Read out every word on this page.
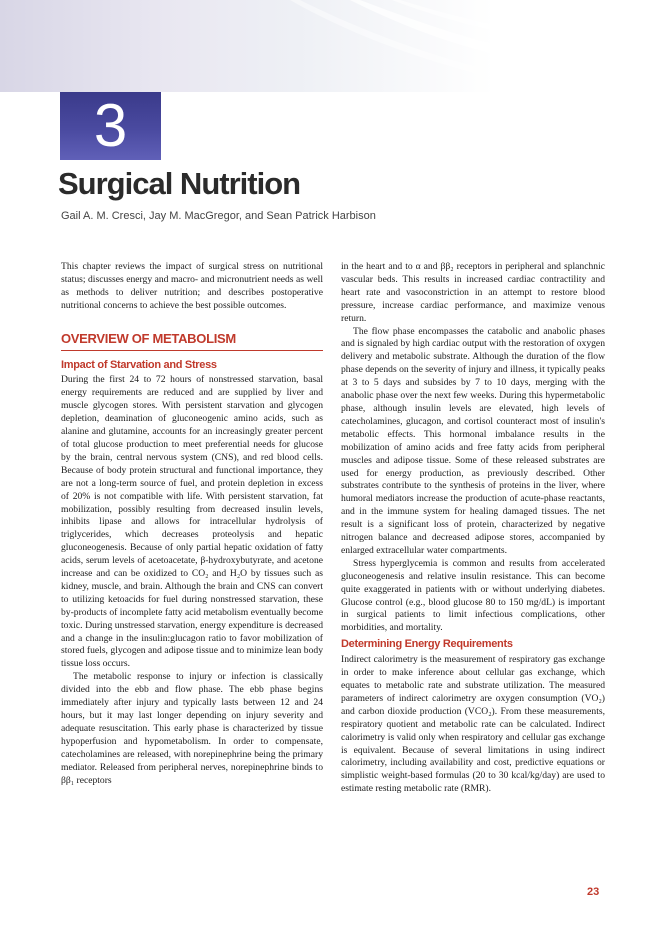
3
Surgical Nutrition
Gail A. M. Cresci, Jay M. MacGregor, and Sean Patrick Harbison

This chapter reviews the impact of surgical stress on nutritional status; discusses energy and macro- and micronutrient needs as well as methods to deliver nutrition; and describes postoperative nutritional concerns to achieve the best possible outcomes.

OVERVIEW OF METABOLISM
Impact of Starvation and Stress

During the first 24 to 72 hours of nonstressed starvation, basal energy requirements are reduced and are supplied by liver and muscle glycogen stores. With persistent starvation and glycogen depletion, deamination of gluconeogenic amino acids, such as alanine and glutamine, accounts for an increasingly greater percent of total glucose production to meet preferential needs for glucose by the brain, central nervous system (CNS), and red blood cells. Because of body protein structural and functional importance, they are not a long-term source of fuel, and protein depletion in excess of 20% is not compatible with life. With persistent starvation, fat mobilization, possibly resulting from decreased insulin levels, inhibits lipase and allows for intracellular hydrolysis of triglycerides, which decreases proteolysis and hepatic gluconeogenesis. Because of only partial hepatic oxidation of fatty acids, serum levels of acetoacetate, β-hydroxybutyrate, and acetone increase and can be oxidized to CO₂ and H₂O by tissues such as kidney, muscle, and brain. Although the brain and CNS can convert to utilizing ketoacids for fuel during nonstressed starvation, these by-products of incomplete fatty acid metabolism eventually become toxic. During unstressed starvation, energy expenditure is decreased and a change in the insulin:glucagon ratio to favor mobilization of stored fuels, glycogen and adipose tissue and to minimize lean body tissue loss occurs.

The metabolic response to injury or infection is classically divided into the ebb and flow phase. The ebb phase begins immediately after injury and typically lasts between 12 and 24 hours, but it may last longer depending on injury severity and adequate resuscitation. This early phase is characterized by tissue hypoperfusion and hypometabolism. In order to compensate, catecholamines are released, with norepinephrine being the primary mediator. Released from peripheral nerves, norepinephrine binds to ββ₁ receptors

in the heart and to α and ββ₂ receptors in peripheral and splanchnic vascular beds. This results in increased cardiac contractility and heart rate and vasoconstriction in an attempt to restore blood pressure, increase cardiac performance, and maximize venous return.

The flow phase encompasses the catabolic and anabolic phases and is signaled by high cardiac output with the restoration of oxygen delivery and metabolic substrate. Although the duration of the flow phase depends on the severity of injury and illness, it typically peaks at 3 to 5 days and subsides by 7 to 10 days, merging with the anabolic phase over the next few weeks. During this hypermetabolic phase, although insulin levels are elevated, high levels of catecholamines, glucagon, and cortisol counteract most of insulin's metabolic effects. This hormonal imbalance results in the mobilization of amino acids and free fatty acids from peripheral muscles and adipose tissue. Some of these released substrates are used for energy production, as previously described. Other substrates contribute to the synthesis of proteins in the liver, where humoral mediators increase the production of acute-phase reactants, and in the immune system for healing damaged tissues. The net result is a significant loss of protein, characterized by negative nitrogen balance and decreased adipose stores, accompanied by enlarged extracellular water compartments.

Stress hyperglycemia is common and results from accelerated gluconeogenesis and relative insulin resistance. This can become quite exaggerated in patients with or without underlying diabetes. Glucose control (e.g., blood glucose 80 to 150 mg/dL) is important in surgical patients to limit infectious complications, other morbidities, and mortality.

Determining Energy Requirements

Indirect calorimetry is the measurement of respiratory gas exchange in order to make inference about cellular gas exchange, which equates to metabolic rate and substrate utilization. The measured parameters of indirect calorimetry are oxygen consumption (VO₂) and carbon dioxide production (VCO₂). From these measurements, respiratory quotient and metabolic rate can be calculated. Indirect calorimetry is valid only when respiratory and cellular gas exchange is equivalent. Because of several limitations in using indirect calorimetry, including availability and cost, predictive equations or simplistic weight-based formulas (20 to 30 kcal/kg/day) are used to estimate resting metabolic rate (RMR).

23
